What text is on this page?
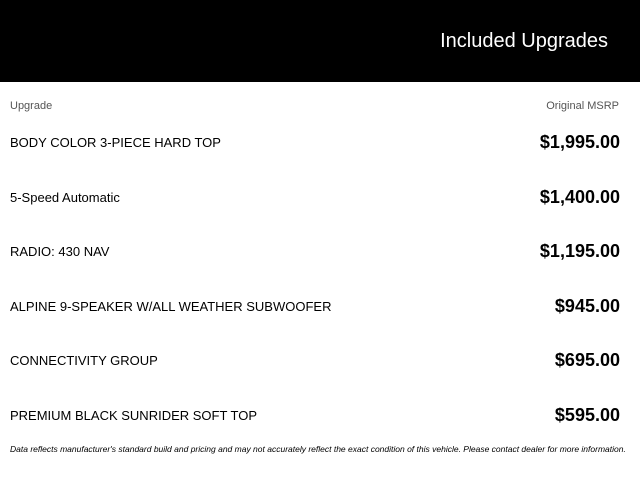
Included Upgrades
Upgrade	Original MSRP
BODY COLOR 3-PIECE HARD TOP	$1,995.00
5-Speed Automatic	$1,400.00
RADIO: 430 NAV	$1,195.00
ALPINE 9-SPEAKER W/ALL WEATHER SUBWOOFER	$945.00
CONNECTIVITY GROUP	$695.00
PREMIUM BLACK SUNRIDER SOFT TOP	$595.00
Data reflects manufacturer's standard build and pricing and may not accurately reflect the exact condition of this vehicle. Please contact dealer for more information.
